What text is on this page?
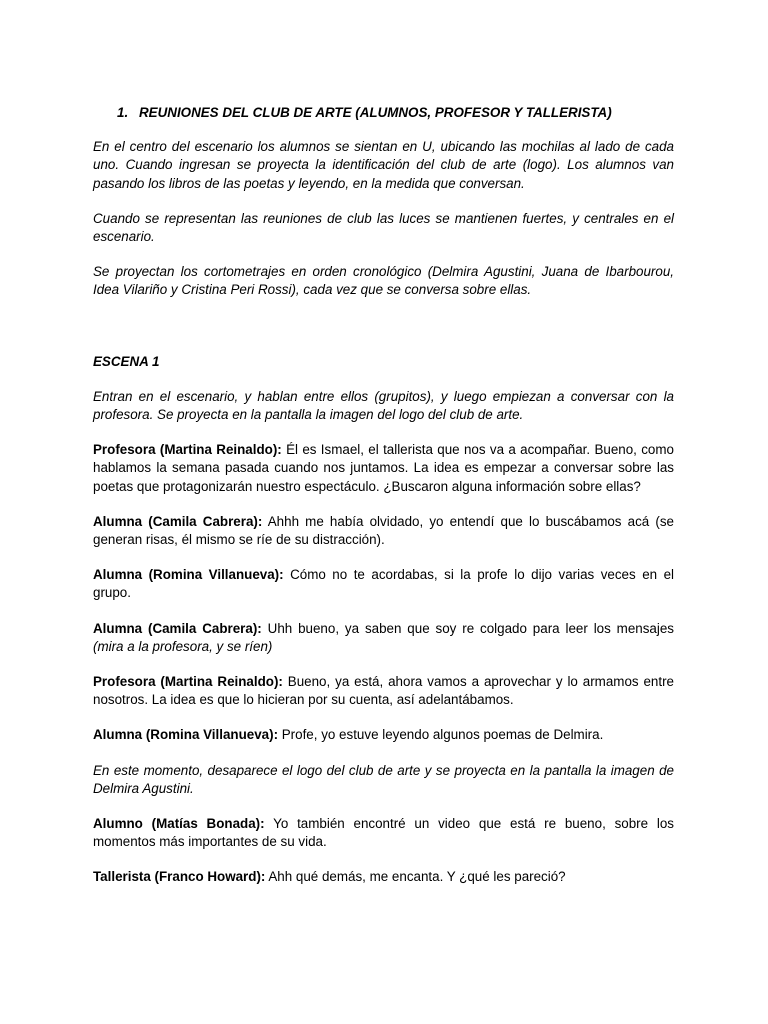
1. REUNIONES DEL CLUB DE ARTE (ALUMNOS, PROFESOR Y TALLERISTA)

En el centro del escenario los alumnos se sientan en U, ubicando las mochilas al lado de cada uno. Cuando ingresan se proyecta la identificación del club de arte (logo). Los alumnos van pasando los libros de las poetas y leyendo, en la medida que conversan.

Cuando se representan las reuniones de club las luces se mantienen fuertes, y centrales en el escenario.

Se proyectan los cortometrajes en orden cronológico (Delmira Agustini, Juana de Ibarbourou, Idea Vilariño y Cristina Peri Rossi), cada vez que se conversa sobre ellas.

ESCENA 1

Entran en el escenario, y hablan entre ellos (grupitos), y luego empiezan a conversar con la profesora. Se proyecta en la pantalla la imagen del logo del club de arte.

Profesora (Martina Reinaldo): Él es Ismael, el tallerista que nos va a acompañar. Bueno, como hablamos la semana pasada cuando nos juntamos. La idea es empezar a conversar sobre las poetas que protagonizarán nuestro espectáculo. ¿Buscaron alguna información sobre ellas?

Alumna (Camila Cabrera): Ahhh me había olvidado, yo entendí que lo buscábamos acá (se generan risas, él mismo se ríe de su distracción).

Alumna (Romina Villanueva): Cómo no te acordabas, si la profe lo dijo varias veces en el grupo.

Alumna (Camila Cabrera): Uhh bueno, ya saben que soy re colgado para leer los mensajes (mira a la profesora, y se ríen)

Profesora (Martina Reinaldo): Bueno, ya está, ahora vamos a aprovechar y lo armamos entre nosotros. La idea es que lo hicieran por su cuenta, así adelantábamos.

Alumna (Romina Villanueva): Profe, yo estuve leyendo algunos poemas de Delmira.

En este momento, desaparece el logo del club de arte y se proyecta en la pantalla la imagen de Delmira Agustini.

Alumno (Matías Bonada): Yo también encontré un video que está re bueno, sobre los momentos más importantes de su vida.

Tallerista (Franco Howard): Ahh qué demás, me encanta. Y ¿qué les pareció?
